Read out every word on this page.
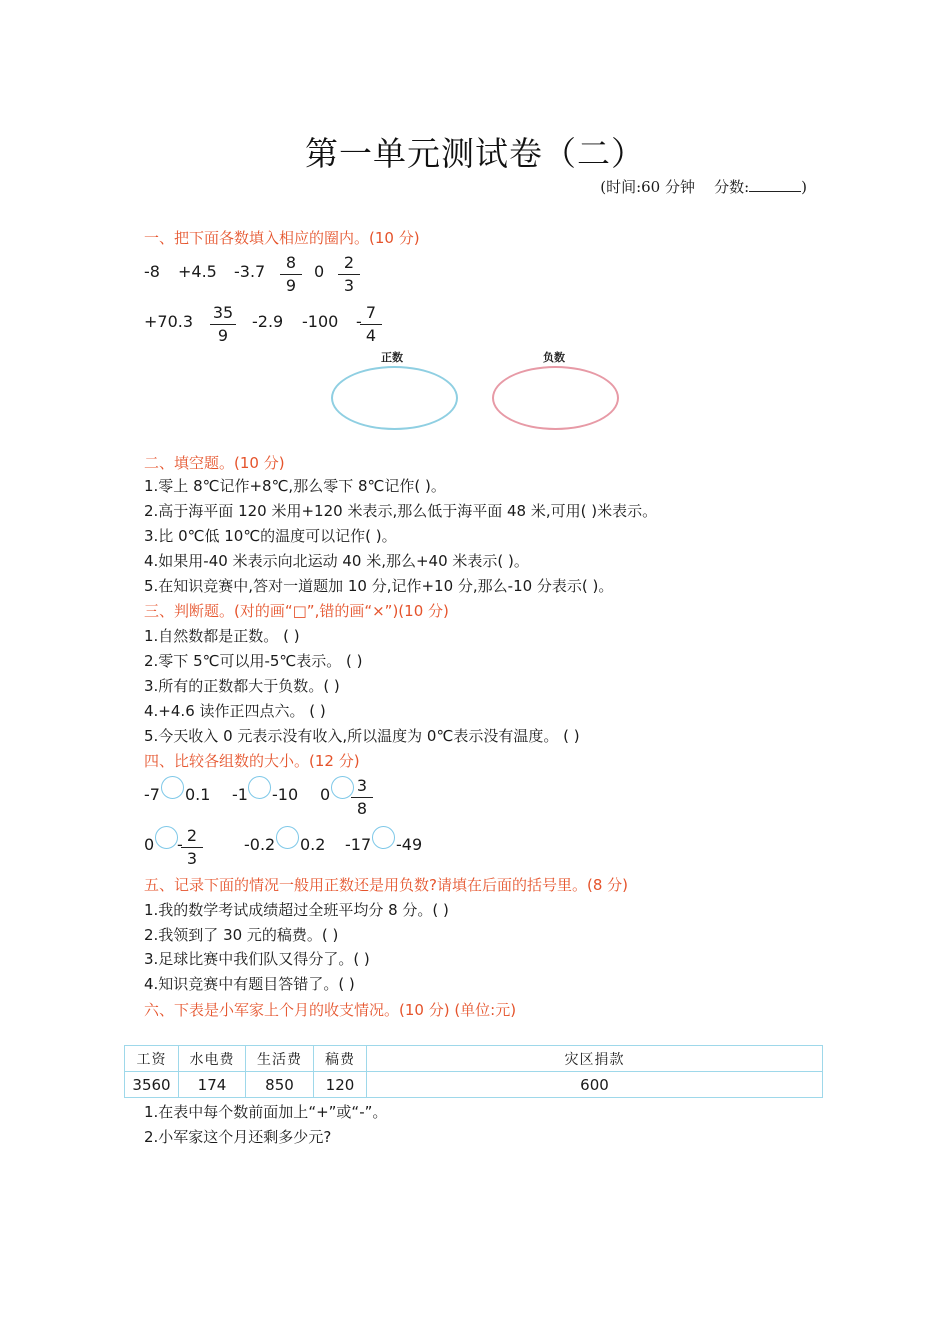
第一单元测试卷（二）
(时间:60 分钟 分数:	)
一、把下面各数填入相应的圈内。(10 分)
-8 +4.5 $-3.7 \frac{8}{9} 0 \frac{2}{3}$
$+70.3 \frac{35}{9} -2.9$ -100 -
$\frac{7}{4}$
正数	负数
二、填空题。(10 分)
1.零上 8℃记作+8℃,那么零下 8℃记作( )。
2.高于海平面 120 米用+120 米表示,那么低于海平面 48 米,可用( )米表示。
3.比 0℃低 10℃的温度可以记作( )。
4.如果用-40 米表示向北运动 40 米,那么+40 米表示( )。
5.在知识竞赛中,答对一道题加 10 分,记作+10 分,那么-10 分表示( )。
三、判断题。(对的画“□”,错的画“×”)(10 分)
1.自然数都是正数。 ( )
2.零下 5℃可以用-5℃表示。 ( )
3.所有的正数都大于负数。( )
4.+4.6 读作正四点六。 ( )
5.今天收入 0 元表示没有收入,所以温度为 0℃表示没有温度。 ( )
四、比较各组数的大小。(12 分)
-7 0.1 -1 -10 $0 \frac{3}{8}$
0 -
$\frac{2}{3}$	-0.2 0.2 -17 -49
五、记录下面的情况一般用正数还是用负数?请填在后面的括号里。(8 分)
1.我的数学考试成绩超过全班平均分 8 分。( )
2.我领到了 30 元的稿费。( )
3.足球比赛中我们队又得分了。( )
4.知识竞赛中有题目答错了。( )
六、下表是小军家上个月的收支情况。(10 分) (单位:元)
工资	水电费	生活费	稿费	灾区捐款
3560	174	850	120	600
1.在表中每个数前面加上“+”或“-”。
2.小军家这个月还剩多少元?
